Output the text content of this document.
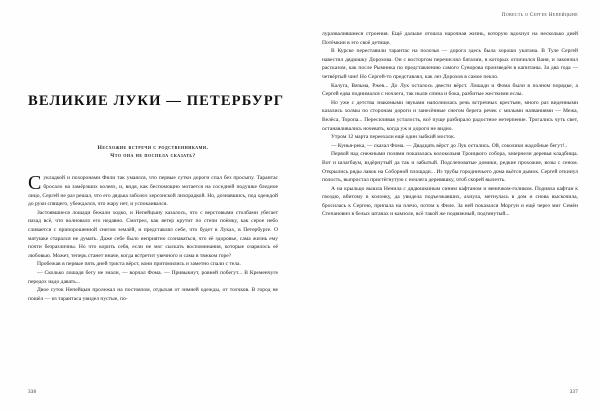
ВЕЛИКИЕ ЛУКИ — ПЕТЕРБУРГ
Несхожие встречи с родственниками.
Что она не поспела сказать?

С укладкой и похоронами Фили так умаялся, что первые сутки дороги спал без просыпу. Тарантас бросало на замёрзших колеях, и, видя, как беспомощно мотается на соседней подушке бледное лицо, Сергей не раз решал, что его дядька заболел херсонской лихорадкой. Но, дознавшись, под одеждой до руки спящего, убеждался, что жару нет, и успокаивался.

Застоявшиеся лошади бежали ходко, и Непейцыну казалось, что с верстовыми столбами убегает назад всё, что волновало его недавно. Смотрел, как ветер крутит по степи поёмку, как серое небо сливается с припорошенной снегом землёй, и представлял себе, что будет в Луках, в Петербурге. О матушке старался не думать. Даже себе было неприятно сознаваться, что её здоровье, сама жизнь ему почти безразличны. Но что корить себя, если не мог сыскать воспоминания, которые озарялось её любовью. Может, теперь станет иначе, когда встретит увечного и сама в тяжком горе?

Пробежав в первые пять дней триста вёрст, кони притомились и заметно спали с тела.

— Сколько лошадя бегу не знали, — ворчал Фома. — Привыкнут, ровней побегут... В Кременчуге передох надо давать...

Двое суток Непейцын пролежал на постоялом, отдыхая от зимней одежды, от толчков. В город не пошёл — из тарантаса увидел пустые, по-

336
Повесть о Сергее Непейцыне

луразвалившиеся строения. Ещё дальше отошла нарочная жизнь, которую вдохнул на несколько дней Потёмкин в это своё детище.

В Курске переставили тарантас на полозья — дорога здесь была хорошо укатана. В Туле Сергей навестил дядюшку Дорохова. Он с восторгом перечислял баталии, в которых отличился Ваня, и закончил рассказом, как после Рымника по представлению самого Суворова произведён в капитаны. За два года — четвёртый чин! Но Сергей-то представлял, как лез Дорохов в самое пекло.

Калуга, Вязьма, Ржев... До Лук осталось двести вёрст. Лошади и Фома были в полном порядке, а Сергей едва поднимался с ночлега, так ныли спина и бока, разбитые жесткими еслы.

Но уже с детства знакомыми звуками наполнилась речь встречных крестьян, много раз виденными казались холмы по сторонам дороги и занесённые снегом берега речек с милыми названиями — Межа, Велёса, Торопа... Пересиливая усталость, всё пуще разбирало радостное нетерпение. Трогались чуть свет, останавливались ночевать, когда уж и дороги не видно.

Утром 12 марта переехали ещё один зыбкий мосток.

— Кунья-река, — сказал Фома. — Двадцать вёрст до Лук остались. Ой, соколики жадобные бегут!..

Первой над снежными полями показалась колокольня Троицкого собора, зачернели деревья кладбища. Вот и шлагбаум, вздёрнутый да так и забытый. Подслеповатые домики, редкие прохожие, возы с сеном. Открылись ряды лавок на Соборной площади... Из трубы городничьего дома вьётся дымок. Сергей откинул полость, выпростал пристёгнутую с ночлега деревяшку, чтоб скорей вылезть.

А на крыльцо вышла Ненила с дядюшкиным синим кафтаном и веничком-голиком. Подняла кафтан к гвоздю, вбитому в колонку, да увидела подъезжавших, ахнула, метнулась в дом и снова выскочила, бросилась к Сергею, припала на плечо, потом к Филе. За ней показался Моргун и ещё через миг Семён Степанович в белых штанах и камзоле, всё такой же подвижный, подтянутый...

337
